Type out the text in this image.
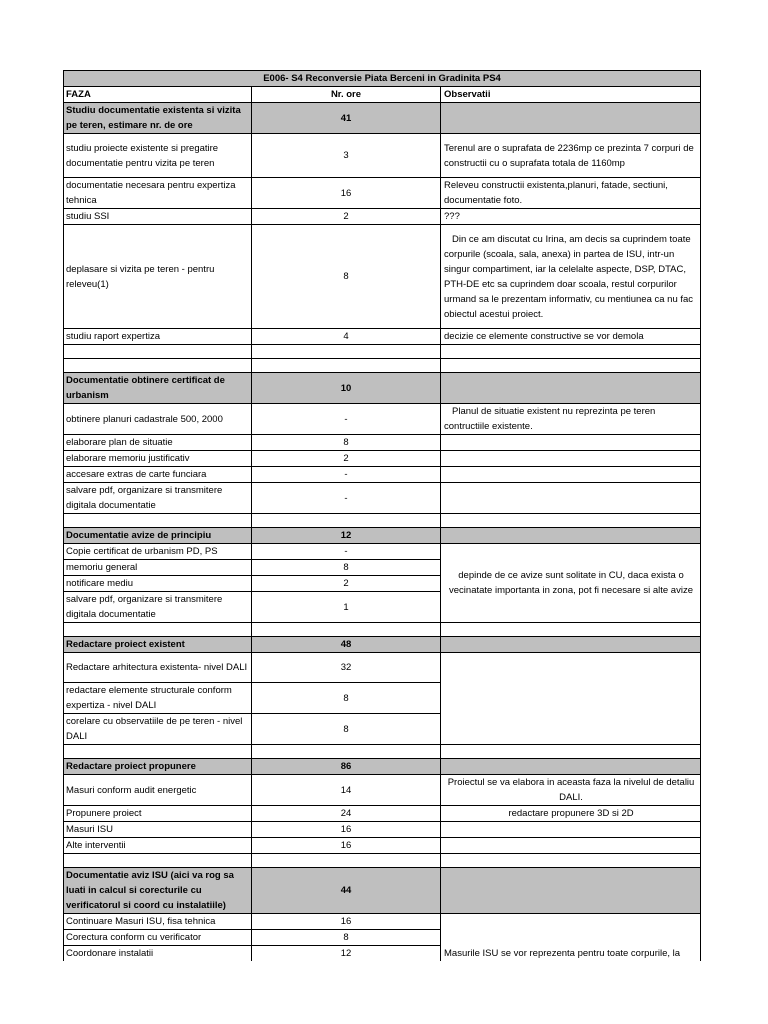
E006- S4 Reconversie Piata Berceni in Gradinita PS4		
FAZA	Nr. ore	Observatii
Studiu documentatie existenta si vizita pe teren, estimare nr. de ore	41	
studiu proiecte existente si pregatire documentatie pentru vizita pe teren	3	Terenul are o suprafata de 2236mp ce prezinta 7 corpuri de constructii cu o suprafata totala de 1160mp
documentatie necesara pentru expertiza tehnica	16	Releveu constructii existenta,planuri, fatade, sectiuni, documentatie foto.
studiu SSI	2	???
deplasare si vizita pe teren - pentru releveu(1)	8	Din ce am discutat cu Irina, am decis sa cuprindem toate corpurile (scoala, sala, anexa) in partea de ISU, intr-un singur compartiment, iar la celelalte aspecte, DSP, DTAC, PTH-DE etc sa cuprindem doar scoala, restul corpurilor urmand sa le prezentam informativ, cu mentiunea ca nu fac obiectul acestui proiect.
studiu raport expertiza	4	decizie ce elemente constructive se vor demola

Documentatie obtinere certificat de urbanism	10	
obtinere planuri cadastrale 500, 2000	-	Planul de situatie existent nu reprezinta pe teren contructiile existente.
elaborare plan de situatie	8	
elaborare memoriu justificativ	2	
accesare extras de carte funciara	-	
salvare pdf, organizare si transmitere digitala documentatie	-	

Documentatie avize de principiu	12	
Copie certificat de urbanism PD, PS	-	depinde de ce avize sunt solitate in CU, daca exista o vecinatate importanta in zona, pot fi necesare si alte avize
memoriu general	8	
notificare mediu	2	
salvare pdf, organizare si transmitere digitala documentatie	1	

Redactare proiect existent	48	
Redactare arhitectura existenta- nivel DALI	32	
redactare elemente structurale conform expertiza - nivel DALI	8	
corelare cu observatiile de pe teren - nivel DALI	8	

Redactare proiect propunere	86	
Masuri conform audit energetic	14	Proiectul se va elabora in aceasta faza la nivelul de detaliu DALI.
Propunere proiect	24	redactare propunere 3D si 2D
Masuri ISU	16	
Alte interventii	16	

Documentatie aviz ISU (aici va rog sa luati in calcul si corecturile cu verificatorul si coord cu instalatiile)	44	
Continuare Masuri ISU, fisa tehnica	16	Masurile ISU se vor reprezenta pentru toate corpurile, la
Corectura conform cu verificator	8	
Coordonare instalatii	12	
